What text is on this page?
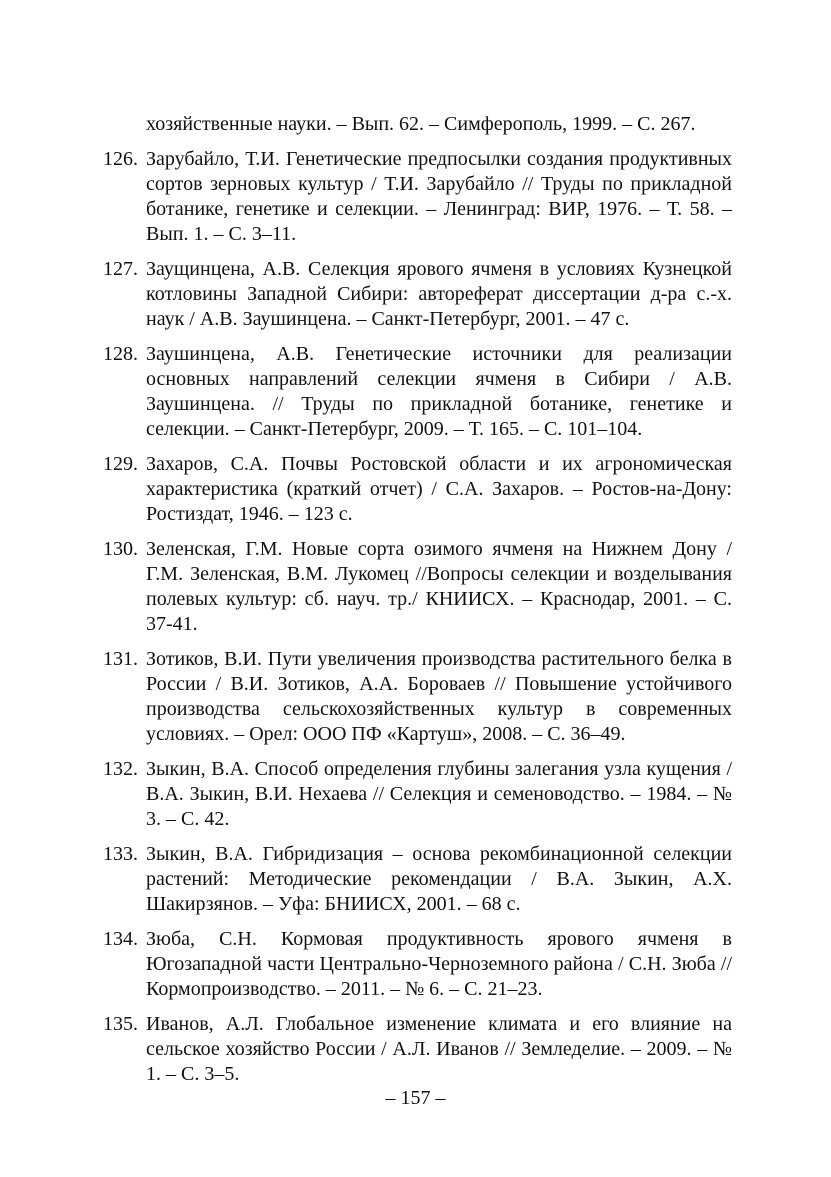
хозяйственные науки. – Вып. 62. – Симферополь, 1999. – С. 267.

126. Зарубайло, Т.И. Генетические предпосылки создания продуктивных сортов зерновых культур / Т.И. Зарубайло // Труды по прикладной ботанике, генетике и селекции. – Ленинград: ВИР, 1976. – Т. 58. – Вып. 1. – С. 3–11.
127. Заущинцена, А.В. Селекция ярового ячменя в условиях Кузнецкой котловины Западной Сибири: автореферат диссертации д-ра с.-х. наук / А.В. Заушинцена. – Санкт-Петербург, 2001. – 47 с.
128. Заушинцена, А.В. Генетические источники для реализации основных направлений селекции ячменя в Сибири / А.В. Заушинцена. // Труды по прикладной ботанике, генетике и селекции. – Санкт-Петербург, 2009. – Т. 165. – С. 101–104.
129. Захаров, С.А. Почвы Ростовской области и их агрономическая характеристика (краткий отчет) / С.А. Захаров. – Ростов-на-Дону: Ростиздат, 1946. – 123 с.
130. Зеленская, Г.М. Новые сорта озимого ячменя на Нижнем Дону / Г.М. Зеленская, В.М. Лукомец //Вопросы селекции и возделывания полевых культур: сб. науч. тр./ КНИИСХ. – Краснодар, 2001. – С. 37-41.
131. Зотиков, В.И. Пути увеличения производства растительного белка в России / В.И. Зотиков, А.А. Бороваев // Повышение устойчивого производства сельскохозяйственных культур в современных условиях. – Орел: ООО ПФ «Картуш», 2008. – С. 36–49.
132. Зыкин, В.А. Способ определения глубины залегания узла кущения / В.А. Зыкин, В.И. Нехаева // Селекция и семеноводство. – 1984. – № 3. – С. 42.
133. Зыкин, В.А. Гибридизация – основа рекомбинационной селекции растений: Методические рекомендации / В.А. Зыкин, А.Х. Шакирзянов. – Уфа: БНИИСХ, 2001. – 68 с.
134. Зюба, С.Н. Кормовая продуктивность ярового ячменя в Югозападной части Центрально-Черноземного района / С.Н. Зюба // Кормопроизводство. – 2011. – № 6. – С. 21–23.
135. Иванов, А.Л. Глобальное изменение климата и его влияние на сельское хозяйство России / А.Л. Иванов // Земледелие. – 2009. – № 1. – С. 3–5.
– 157 –
